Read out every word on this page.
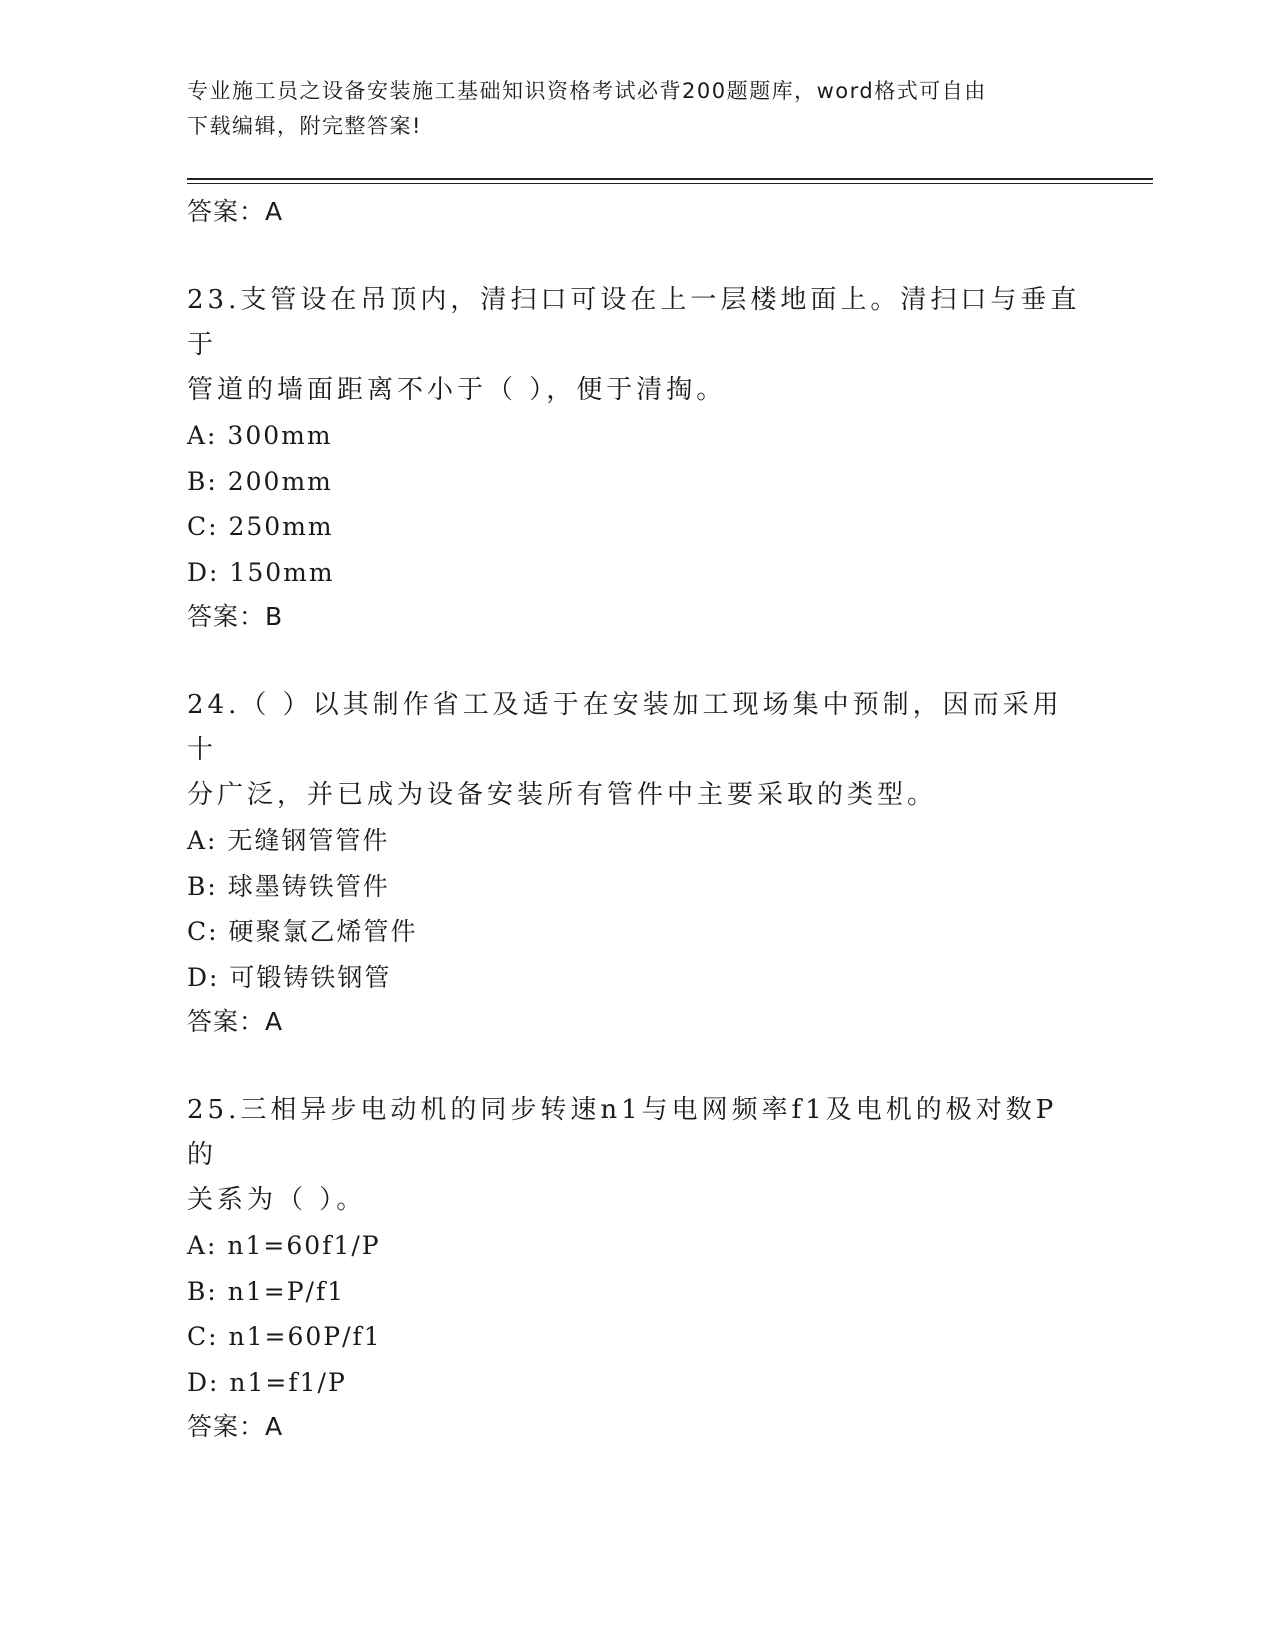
专业施工员之设备安装施工基础知识资格考试必背200题题库，word格式可自由
下载编辑，附完整答案!

答案：A

23.支管设在吊顶内，清扫口可设在上一层楼地面上。清扫口与垂直于

管道的墙面距离不小于（ ），便于清掏。

A: 300mm

B: 200mm

C: 250mm

D: 150mm

答案：B

24.（ ）以其制作省工及适于在安装加工现场集中预制，因而采用十

分广泛，并已成为设备安装所有管件中主要采取的类型。

A: 无缝钢管管件

B: 球墨铸铁管件

C: 硬聚氯乙烯管件

D: 可锻铸铁钢管

答案：A

25.三相异步电动机的同步转速n1与电网频率f1及电机的极对数P的

关系为（ ）。

A: n1=60f1/P

B: n1=P/f1

C: n1=60P/f1

D: n1=f1/P

答案：A
